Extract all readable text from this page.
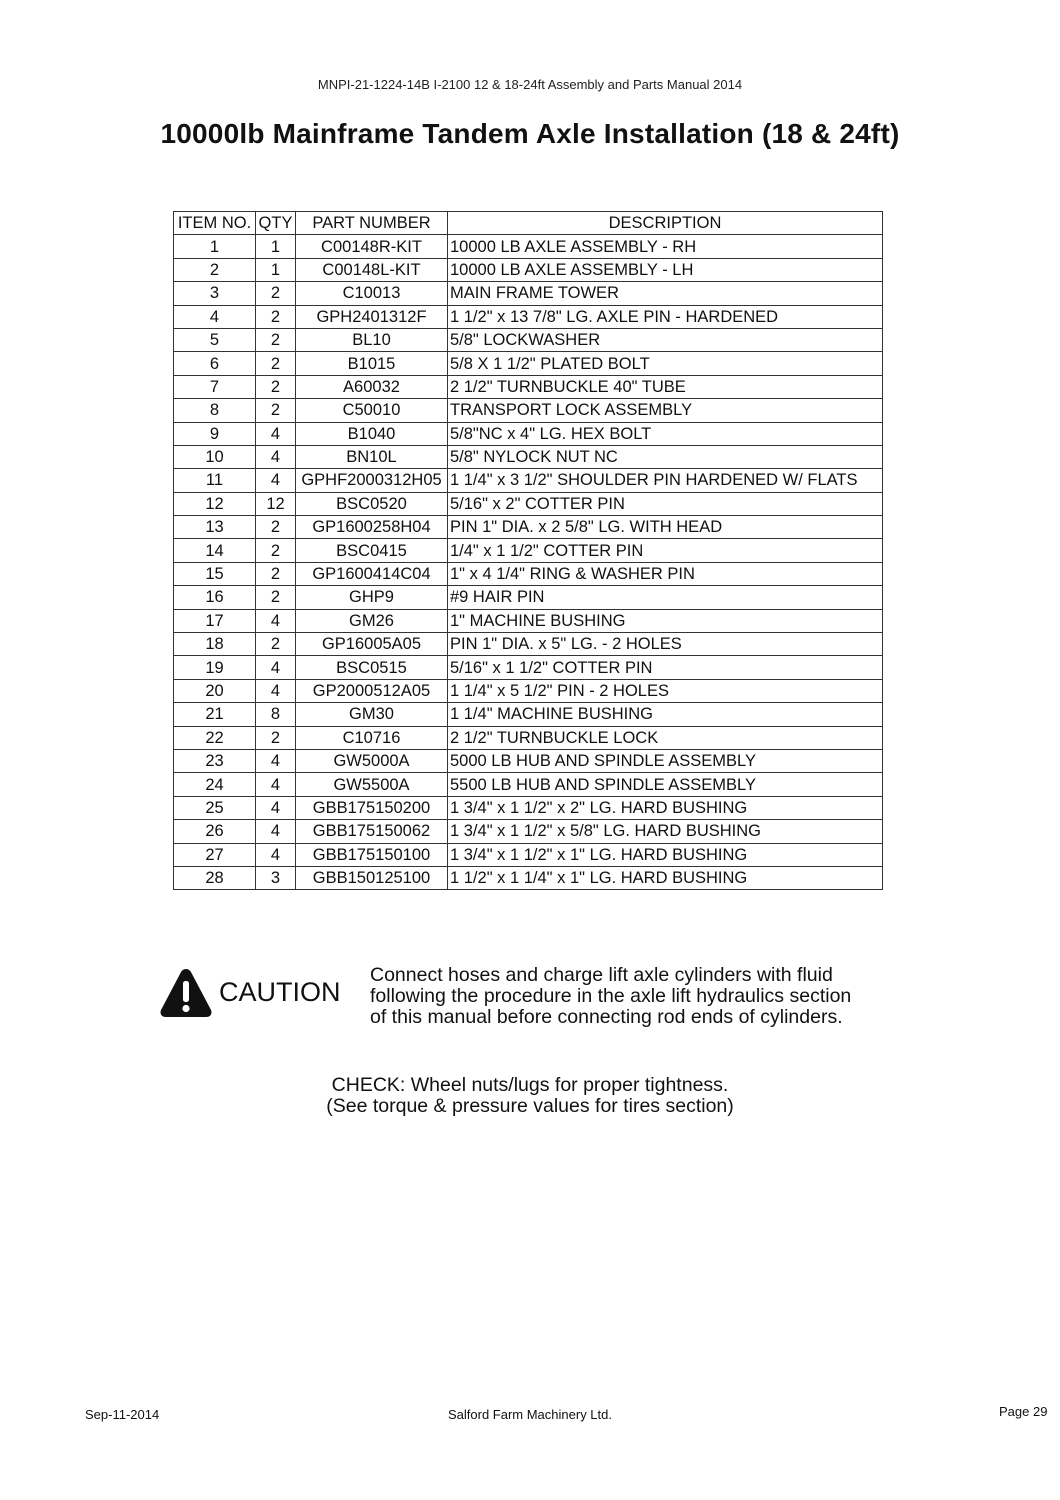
MNPI-21-1224-14B I-2100 12 & 18-24ft Assembly and Parts Manual 2014
10000lb Mainframe Tandem Axle Installation (18 & 24ft)
ITEM NO.	QTY	PART NUMBER	DESCRIPTION
1	1	C00148R-KIT	10000 LB AXLE ASSEMBLY - RH
2	1	C00148L-KIT	10000 LB AXLE ASSEMBLY - LH
3	2	C10013	MAIN FRAME TOWER
4	2	GPH2401312F	1 1/2" x 13 7/8" LG. AXLE PIN - HARDENED
5	2	BL10	5/8" LOCKWASHER
6	2	B1015	5/8 X 1 1/2" PLATED BOLT
7	2	A60032	2 1/2" TURNBUCKLE 40" TUBE
8	2	C50010	TRANSPORT LOCK ASSEMBLY
9	4	B1040	5/8"NC x 4" LG. HEX BOLT
10	4	BN10L	5/8" NYLOCK NUT NC
11	4	GPHF2000312H05	1 1/4" x 3 1/2" SHOULDER PIN HARDENED W/ FLATS
12	12	BSC0520	5/16" x 2" COTTER PIN
13	2	GP1600258H04	PIN 1" DIA. x 2 5/8" LG. WITH HEAD
14	2	BSC0415	1/4" x 1 1/2" COTTER PIN
15	2	GP1600414C04	1" x 4 1/4" RING & WASHER PIN
16	2	GHP9	#9 HAIR PIN
17	4	GM26	1" MACHINE BUSHING
18	2	GP16005A05	PIN 1" DIA. x 5" LG. - 2 HOLES
19	4	BSC0515	5/16" x 1 1/2" COTTER PIN
20	4	GP2000512A05	1 1/4" x 5 1/2" PIN - 2 HOLES
21	8	GM30	1 1/4" MACHINE BUSHING
22	2	C10716	2 1/2" TURNBUCKLE LOCK
23	4	GW5000A	5000 LB HUB AND SPINDLE ASSEMBLY
24	4	GW5500A	5500 LB HUB AND SPINDLE ASSEMBLY
25	4	GBB175150200	1 3/4" x 1 1/2" x 2" LG. HARD BUSHING
26	4	GBB175150062	1 3/4" x 1 1/2" x 5/8" LG. HARD BUSHING
27	4	GBB175150100	1 3/4" x 1 1/2" x 1" LG. HARD BUSHING
28	3	GBB150125100	1 1/2" x 1 1/4" x 1" LG. HARD BUSHING
CAUTION
Connect hoses and charge lift axle cylinders with fluid
following the procedure in the axle lift hydraulics section
of this manual before connecting rod ends of cylinders.
CHECK: Wheel nuts/lugs for proper tightness.
(See torque & pressure values for tires section)
Sep-11-2014	Salford Farm Machinery Ltd.	Page 29
